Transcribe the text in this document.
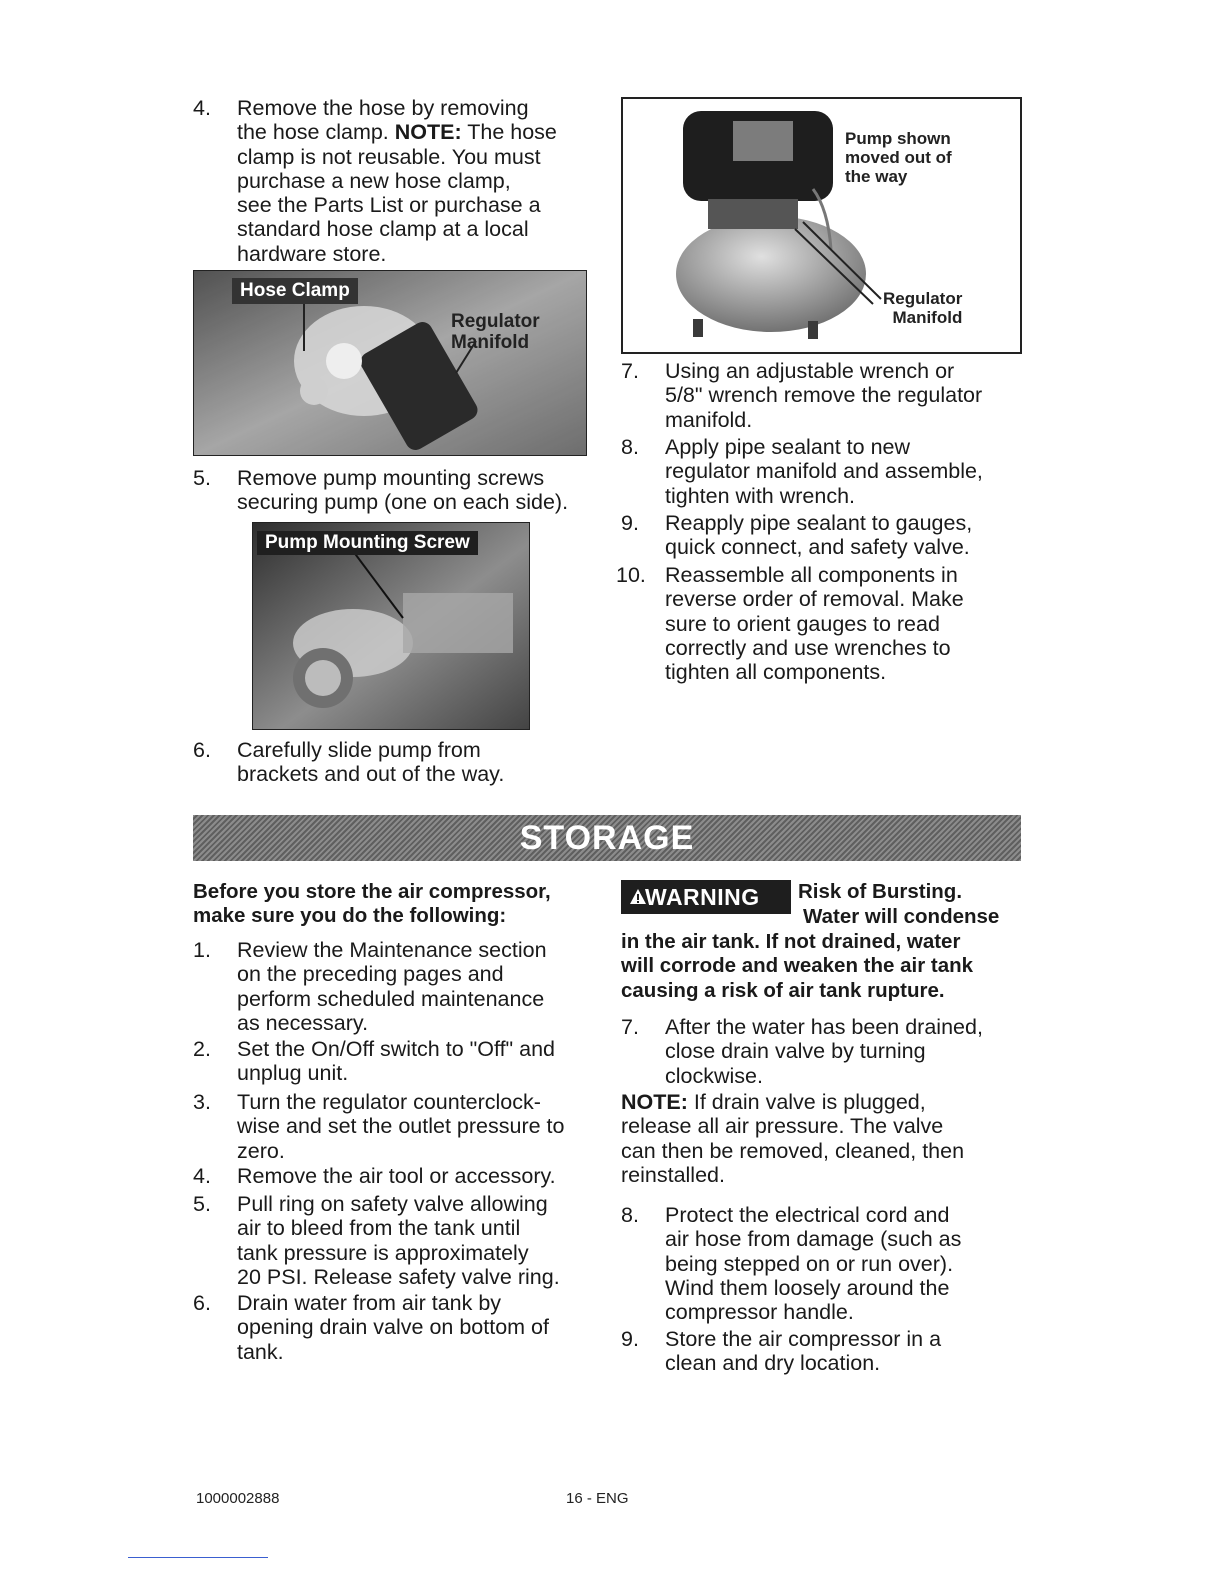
4. Remove the hose by removing
the hose clamp. NOTE: The hose
clamp is not reusable. You must
purchase a new hose clamp,
see the Parts List or purchase a
standard hose clamp at a local
hardware store.
Hose Clamp
Regulator
Manifold
5. Remove pump mounting screws
securing pump (one on each side).
Pump Mounting Screw
6. Carefully slide pump from
brackets and out of the way.
Pump shown
moved out of
the way
Regulator
Manifold
7. Using an adjustable wrench or
5/8" wrench remove the regulator
manifold.
8. Apply pipe sealant to new
regulator manifold and assemble,
tighten with wrench.
9. Reapply pipe sealant to gauges,
quick connect, and safety valve.
10. Reassemble all components in
reverse order of removal. Make
sure to orient gauges to read
correctly and use wrenches to
tighten all components.
STORAGE
Before you store the air compressor,
make sure you do the following:
1. Review the Maintenance section
on the preceding pages and
perform scheduled maintenance
as necessary.
2. Set the On/Off switch to "Off" and
unplug unit.
3. Turn the regulator counterclock-
wise and set the outlet pressure to
zero.
4. Remove the air tool or accessory.
5. Pull ring on safety valve allowing
air to bleed from the tank until
tank pressure is approximately
20 PSI. Release safety valve ring.
6. Drain water from air tank by
opening drain valve on bottom of
tank.
WARNING Risk of Bursting.
Water will condense
in the air tank. If not drained, water
will corrode and weaken the air tank
causing a risk of air tank rupture.
7. After the water has been drained,
close drain valve by turning
clockwise.
NOTE: If drain valve is plugged,
release all air pressure. The valve
can then be removed, cleaned, then
reinstalled.
8. Protect the electrical cord and
air hose from damage (such as
being stepped on or run over).
Wind them loosely around the
compressor handle.
9. Store the air compressor in a
clean and dry location.
1000002888	16 - ENG
